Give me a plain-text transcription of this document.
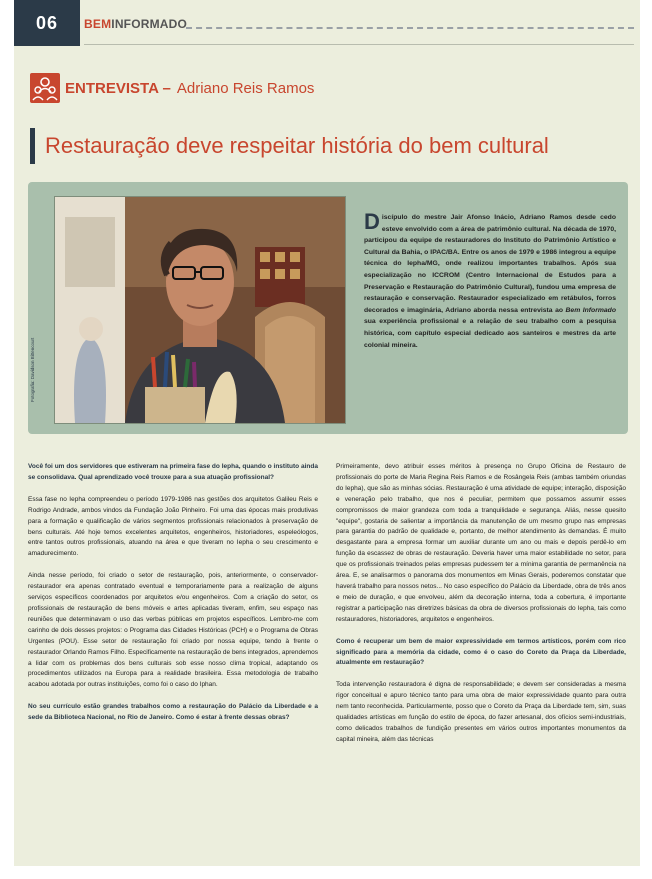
06	BEMINFORMADO
ENTREVISTA – Adriano Reis Ramos
Restauração deve respeitar história do bem cultural
Fotografia: Davidson Bittencourt
Discípulo do mestre Jair Afonso Inácio, Adriano Ramos desde cedo esteve envolvido com a área de patrimônio cultural. Na década de 1970, participou da equipe de restauradores do Instituto do Patrimônio Artístico e Cultural da Bahia, o IPAC/BA. Entre os anos de 1979 e 1986 integrou a equipe técnica do Iepha/MG, onde realizou importantes trabalhos. Após sua especialização no ICCROM (Centro Internacional de Estudos para a Preservação e Restauração do Patrimônio Cultural), fundou uma empresa de restauração e conservação. Restaurador especializado em retábulos, forros decorados e imaginária, Adriano aborda nessa entrevista ao Bem Informado sua experiência profissional e a relação de seu trabalho com a pesquisa histórica, com capítulo especial dedicado aos santeiros e mestres da arte colonial mineira.

Você foi um dos servidores que estiveram na primeira fase do Iepha, quando o instituto ainda se consolidava. Qual aprendizado você trouxe para a sua atuação profissional?

Essa fase no Iepha compreendeu o período 1979-1986 nas gestões dos arquitetos Galileu Reis e Rodrigo Andrade, ambos vindos da Fundação João Pinheiro. Foi uma das épocas mais produtivas para a formação e qualificação de vários segmentos profissionais relacionados à preservação de bens culturais. Até hoje temos excelentes arquitetos, engenheiros, historiadores, espeleólogos, entre tantos outros profissionais, atuando na área e que tiveram no Iepha o seu crescimento e amadurecimento.

Ainda nesse período, foi criado o setor de restauração, pois, anteriormente, o conservador-restaurador era apenas contratado eventual e temporariamente para a realização de alguns serviços específicos coordenados por arquitetos e/ou engenheiros. Com a criação do setor, os profissionais de restauração de bens móveis e artes aplicadas tiveram, enfim, seu espaço nas reuniões que determinavam o uso das verbas públicas em projetos específicos. Lembro-me com carinho de dois desses projetos: o Programa das Cidades Históricas (PCH) e o Programa de Obras Urgentes (POU). Esse setor de restauração foi criado por nossa equipe, tendo à frente o restaurador Orlando Ramos Filho. Especificamente na restauração de bens integrados, aprendemos a lidar com os problemas dos bens culturais sob esse nosso clima tropical, adaptando os procedimentos utilizados na Europa para a realidade brasileira. Essa metodologia de trabalho acabou adotada por outras instituições, como foi o caso do Iphan.

No seu currículo estão grandes trabalhos como a restauração do Palácio da Liberdade e a sede da Biblioteca Nacional, no Rio de Janeiro. Como é estar à frente dessas obras?

Primeiramente, devo atribuir esses méritos à presença no Grupo Oficina de Restauro de profissionais do porte de Maria Regina Reis Ramos e de Rosângela Reis (ambas também oriundas do Iepha), que são as minhas sócias. Restauração é uma atividade de equipe; interação, disposição e veneração pelo trabalho, que nos é peculiar, permitem que possamos assumir esses compromissos de maior grandeza com toda a tranquilidade e segurança. Aliás, nesse quesito "equipe", gostaria de salientar a importância da manutenção de um mesmo grupo nas empresas para garantia do padrão de qualidade e, portanto, de melhor atendimento às demandas. É muito desgastante para a empresa formar um auxiliar durante um ano ou mais e depois perdê-lo em função da escassez de obras de restauração. Deveria haver uma maior estabilidade no setor, para que os profissionais treinados pelas empresas pudessem ter a mínima garantia de permanência na área. E, se analisarmos o panorama dos monumentos em Minas Gerais, poderemos constatar que haverá trabalho para nossos netos... No caso específico do Palácio da Liberdade, obra de três anos e meio de duração, e que envolveu, além da decoração interna, toda a cobertura, é importante registrar a participação nas diretrizes básicas da obra de diversos profissionais do Iepha, tais como restauradores, historiadores, arquitetos e engenheiros.

Como é recuperar um bem de maior expressividade em termos artísticos, porém com rico significado para a memória da cidade, como é o caso do Coreto da Praça da Liberdade, atualmente em restauração?

Toda intervenção restauradora é digna de responsabilidade; e devem ser consideradas a mesma rigor conceitual e apuro técnico tanto para uma obra de maior expressividade quanto para outra nem tanto reconhecida. Particularmente, posso que o Coreto da Praça da Liberdade tem, sim, suas qualidades artísticas em função do estilo de época, do fazer artesanal, dos ofícios semi-industriais, como delicados trabalhos de fundição presentes em vários outros importantes monumentos da capital mineira, além das técnicas
